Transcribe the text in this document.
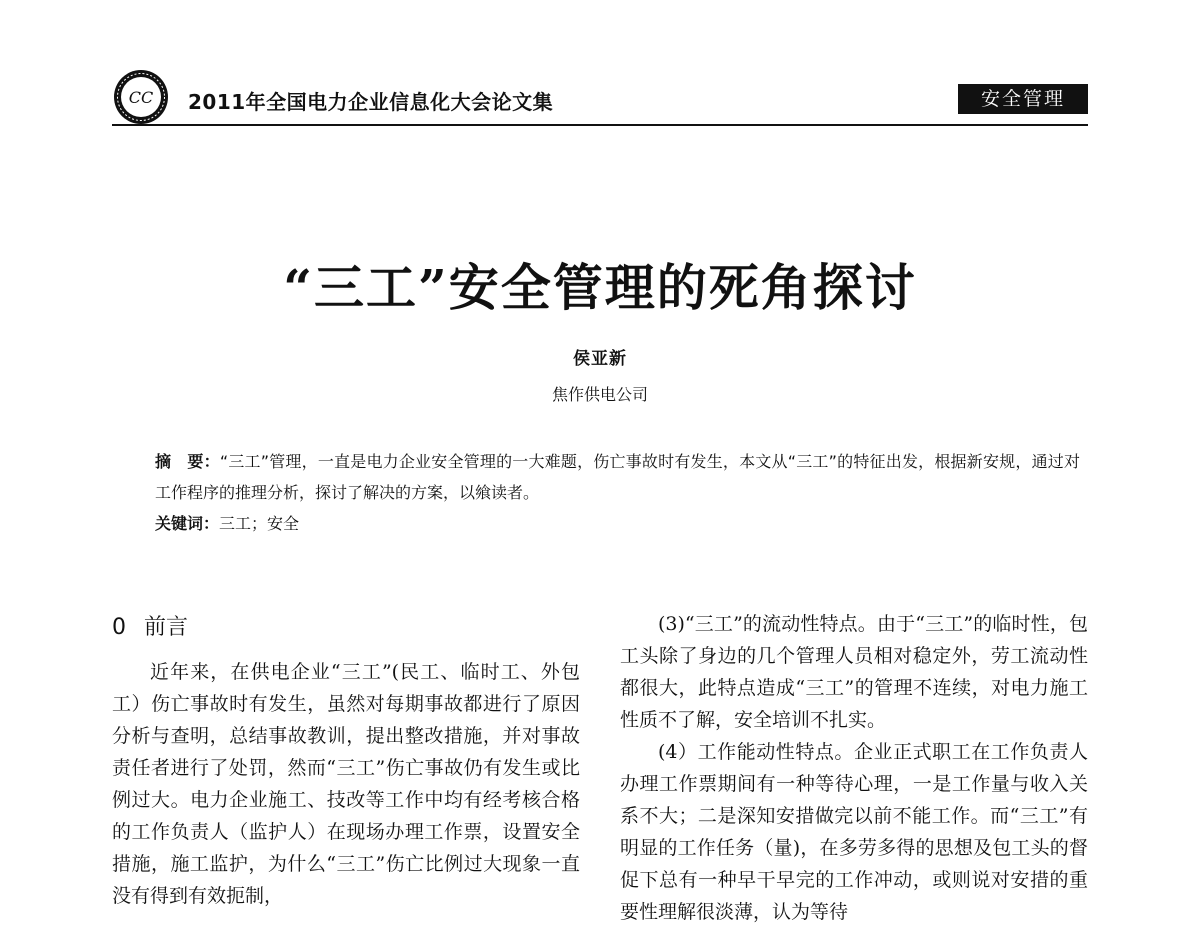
CC 2011年全国电力企业信息化大会论文集	安全管理
“三工”安全管理的死角探讨
侯亚新
焦作供电公司
摘　要：“三工”管理，一直是电力企业安全管理的一大难题，伤亡事故时有发生，本文从“三工”的特征出发，根据新安规，通过对工作程序的推理分析，探讨了解决的方案，以飨读者。
关键词：三工；安全
0 前言

近年来，在供电企业“三工”(民工、临时工、外包工）伤亡事故时有发生，虽然对每期事故都进行了原因分析与查明，总结事故教训，提出整改措施，并对事故责任者进行了处罚，然而“三工”伤亡事故仍有发生或比例过大。电力企业施工、技改等工作中均有经考核合格的工作负责人（监护人）在现场办理工作票，设置安全措施，施工监护，为什么“三工”伤亡比例过大现象一直没有得到有效扼制，

(3)“三工”的流动性特点。由于“三工”的临时性，包工头除了身边的几个管理人员相对稳定外，劳工流动性都很大，此特点造成“三工”的管理不连续，对电力施工性质不了解，安全培训不扎实。

(4）工作能动性特点。企业正式职工在工作负责人办理工作票期间有一种等待心理，一是工作量与收入关系不大；二是深知安措做完以前不能工作。而“三工”有明显的工作任务（量)，在多劳多得的思想及包工头的督促下总有一种早干早完的工作冲动，或则说对安措的重要性理解很淡薄，认为等待
